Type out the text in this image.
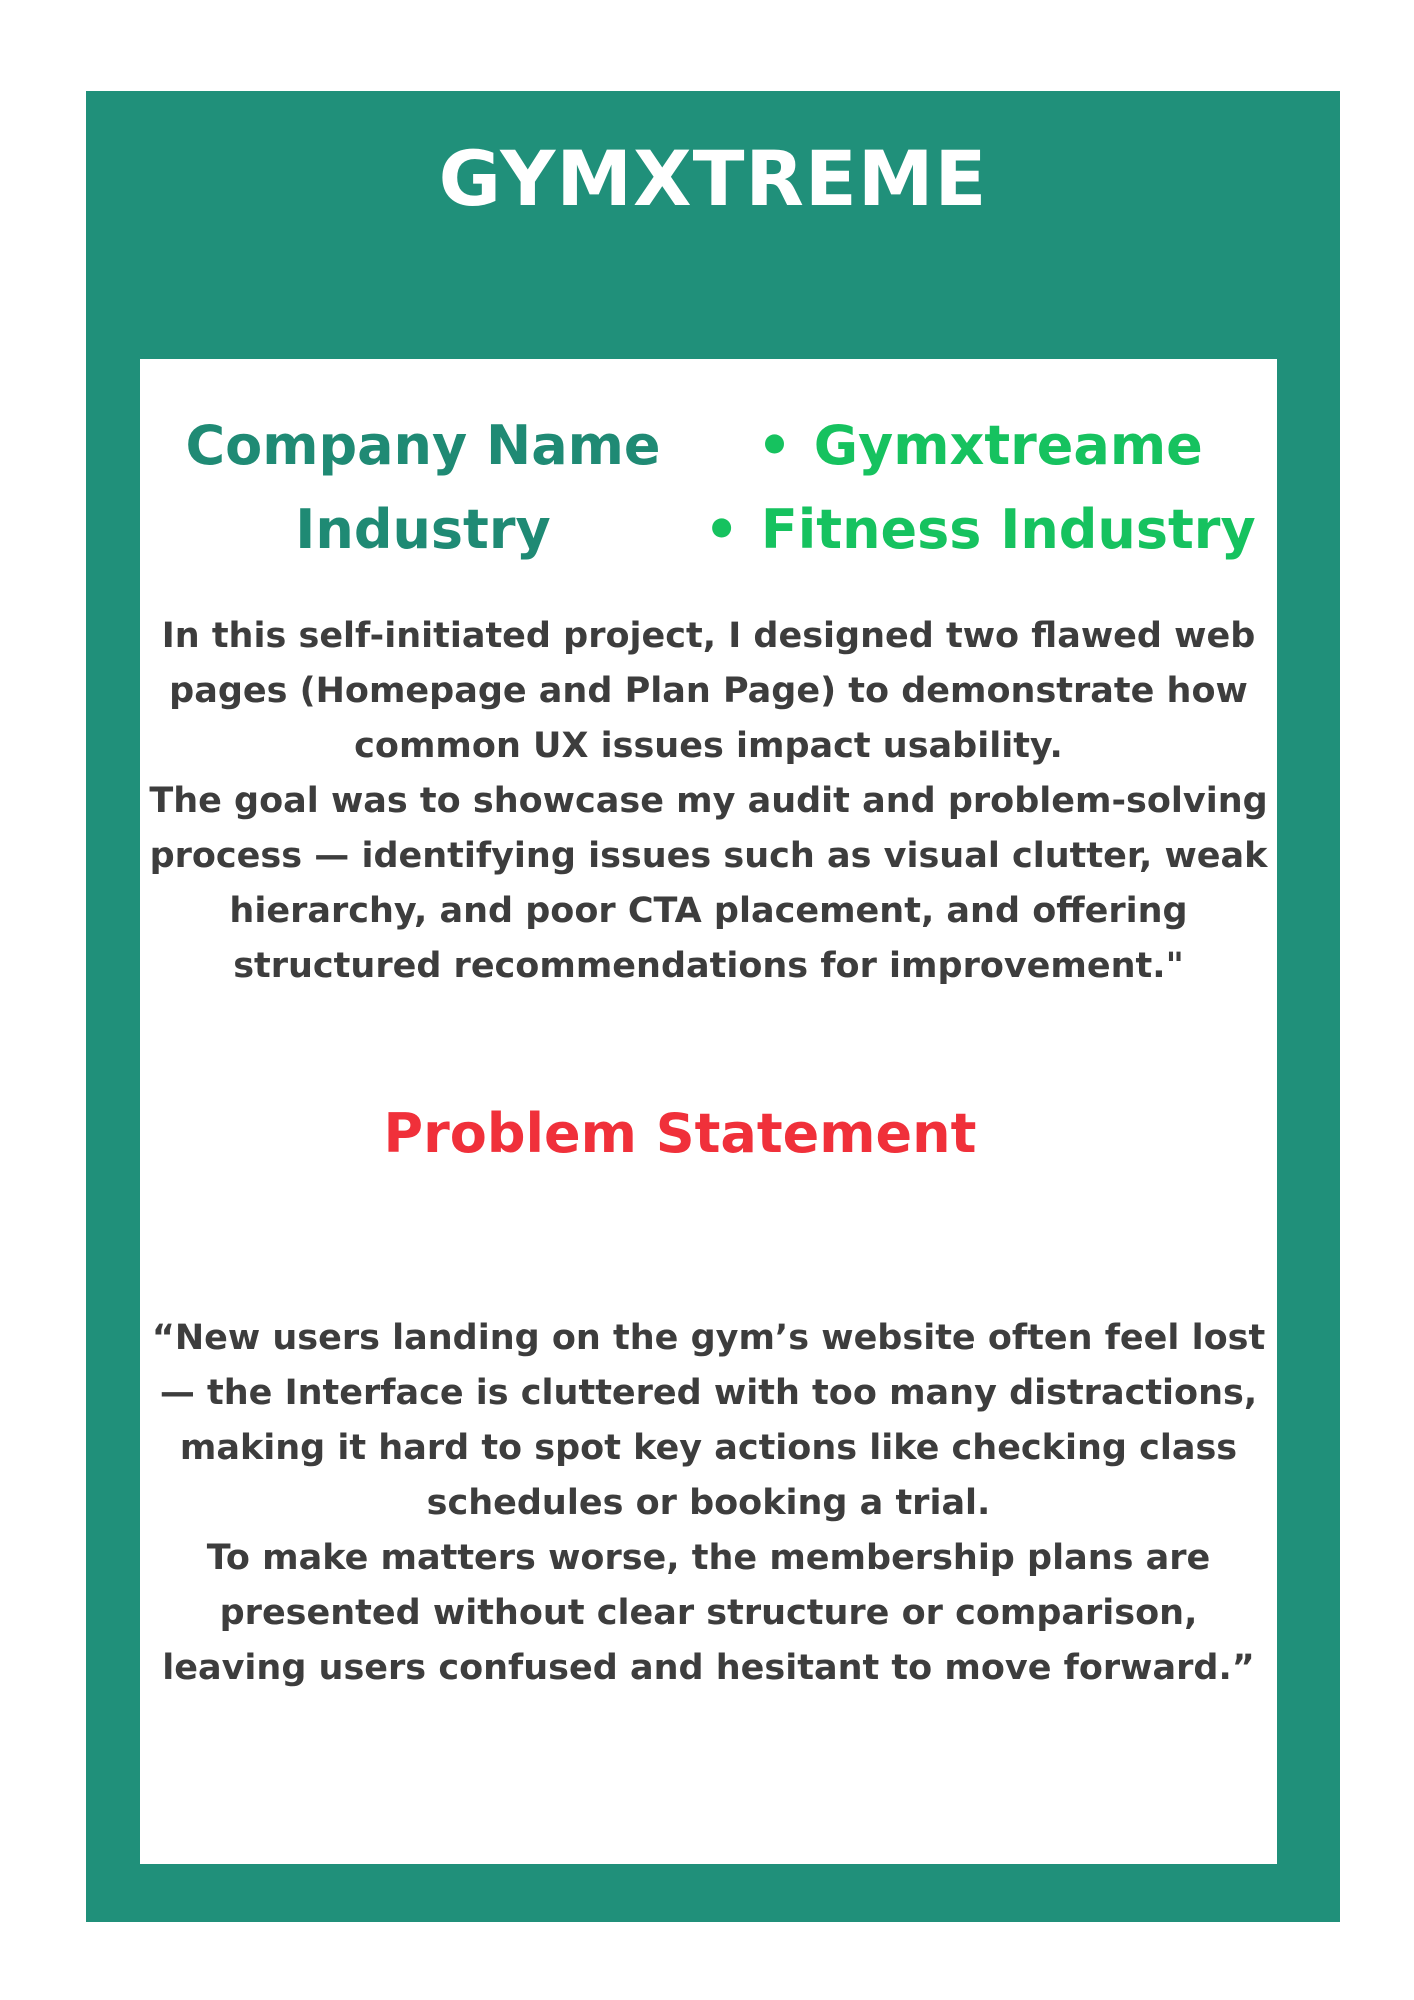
GYMXTREME
Company Name
Industry
• Gymxtreame
• Fitness Industry
In this self-initiated project, I designed two flawed web
pages (Homepage and Plan Page) to demonstrate how
common UX issues impact usability.
The goal was to showcase my audit and problem-solving
process — identifying issues such as visual clutter, weak
hierarchy, and poor CTA placement, and offering
structured recommendations for improvement."
Problem Statement
“New users landing on the gym’s website often feel lost
— the Interface is cluttered with too many distractions,
making it hard to spot key actions like checking class
schedules or booking a trial.
To make matters worse, the membership plans are
presented without clear structure or comparison,
leaving users confused and hesitant to move forward.”
